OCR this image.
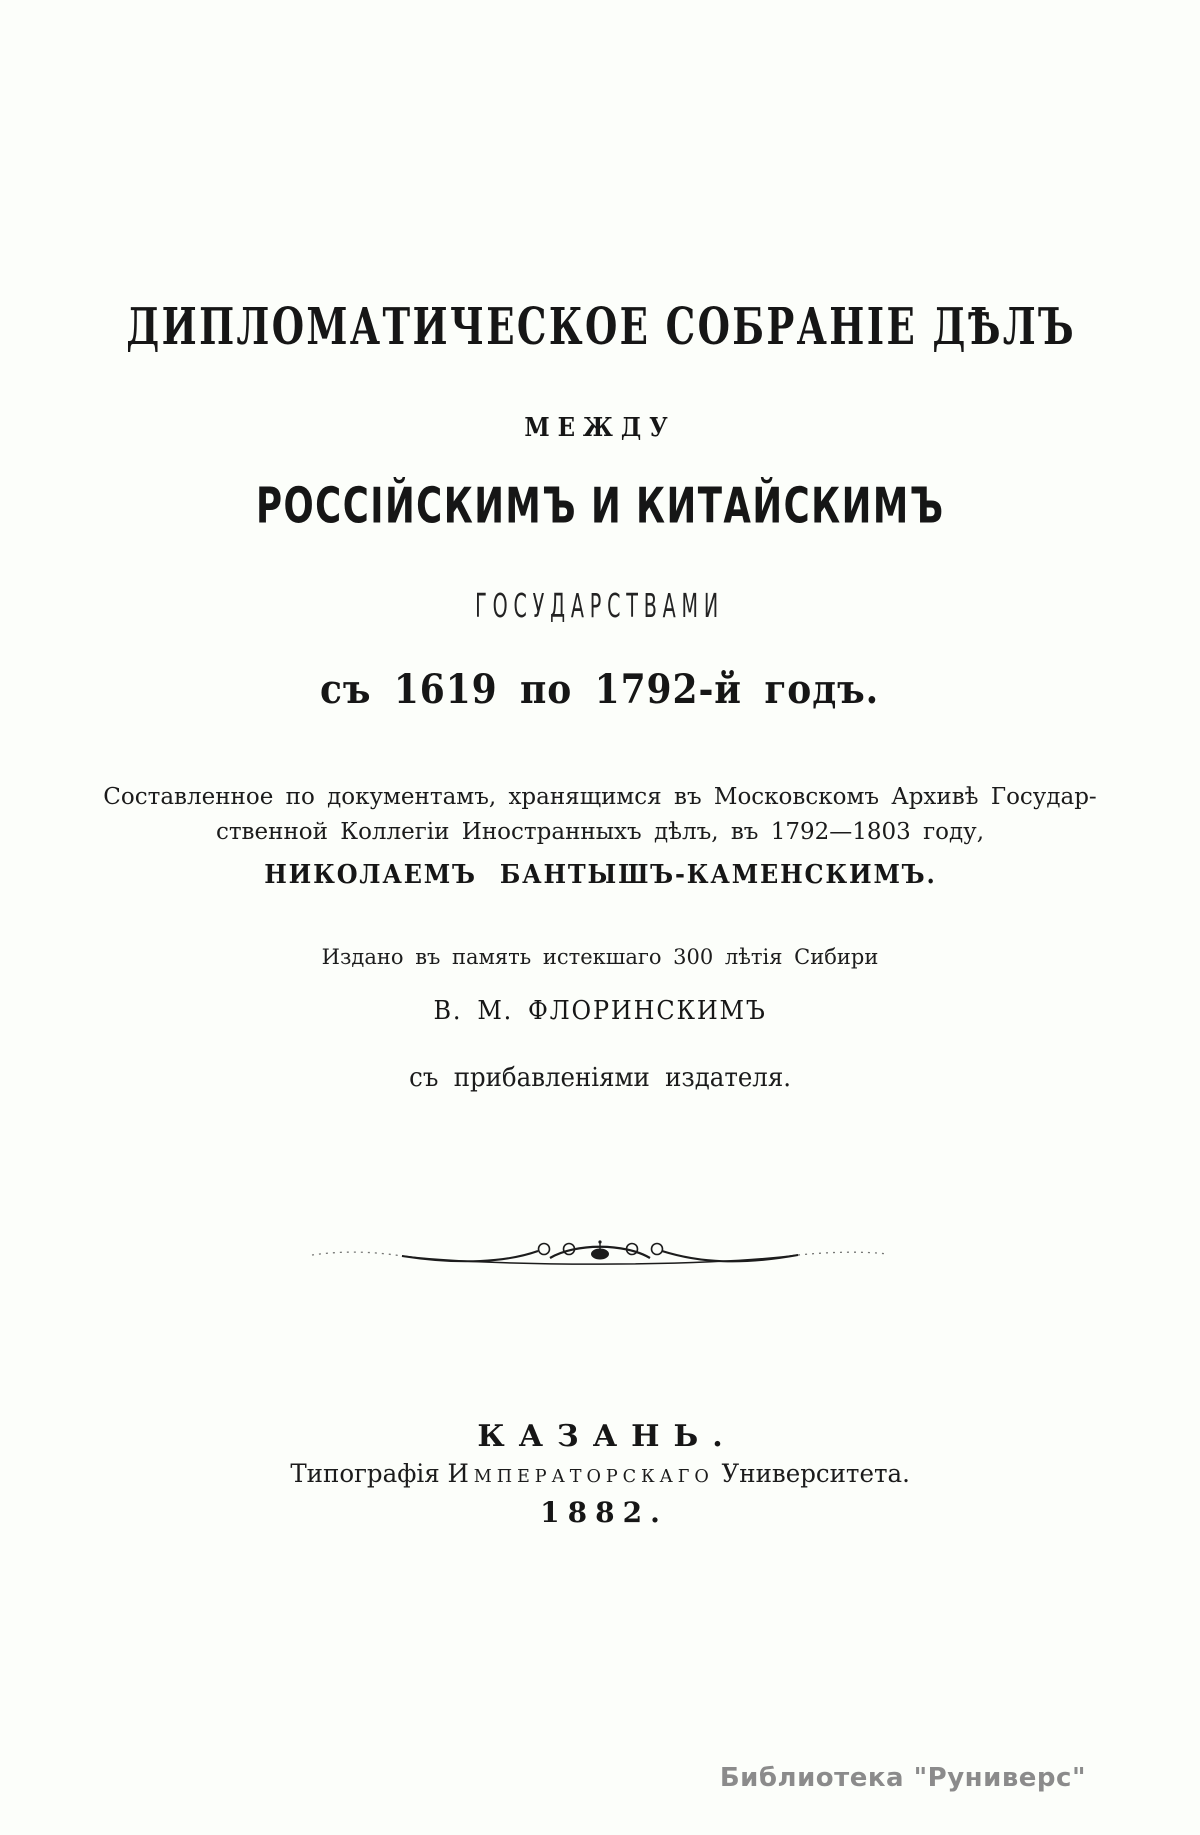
ДИПЛОМАТИЧЕСКОЕ СОБРАНІЕ ДѢЛЪ
МЕЖДУ
РОССІЙСКИМЪ И КИТАЙСКИМЪ
ГОСУДАРСТВАМИ
съ 1619 по 1792-й годъ.
Составленное по документамъ, хранящимся въ Московскомъ Архивѣ Государ-
ственной Коллегіи Иностранныхъ дѣлъ, въ 1792—1803 году,
НИКОЛАЕМЪ БАНТЫШЪ-КАМЕНСКИМЪ.
Издано въ память истекшаго 300 лѣтія Сибири
В. М. ФЛОРИНСКИМЪ
съ прибавленіями издателя.
КАЗАНЬ.
Типографія Императорскаго Университета.
1882.
Библиотека "Руниверс"
